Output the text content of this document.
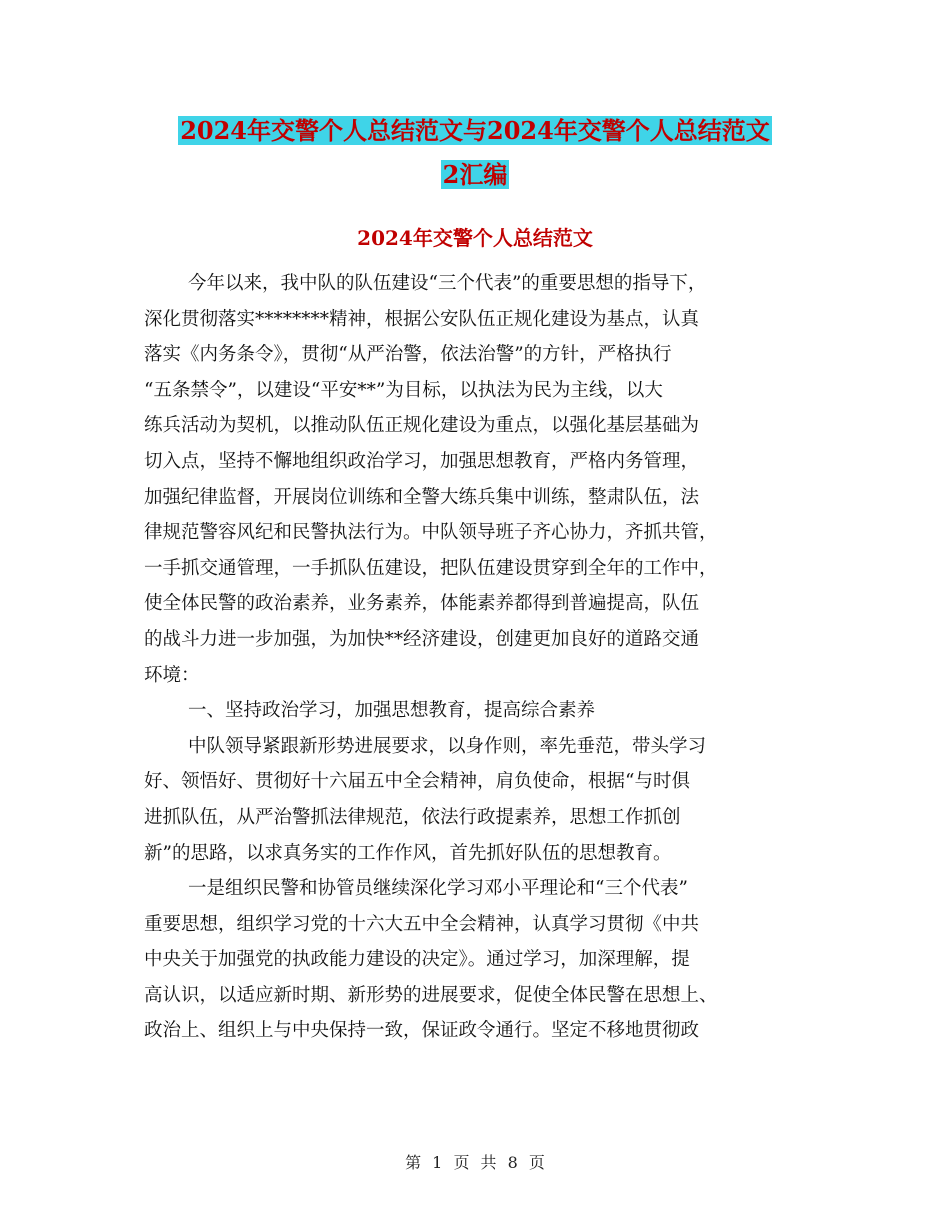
2024年交警个人总结范文与2024年交警个人总结范文
2汇编
2024年交警个人总结范文
今年以来，我中队的队伍建设“三个代表”的重要思想的指导下，
深化贯彻落实********精神，根据公安队伍正规化建设为基点，认真
落实《内务条令》，贯彻“从严治警，依法治警”的方针，严格执行
“五条禁令”，以建设“平安**”为目标，以执法为民为主线，以大
练兵活动为契机，以推动队伍正规化建设为重点，以强化基层基础为
切入点，坚持不懈地组织政治学习，加强思想教育，严格内务管理，
加强纪律监督，开展岗位训练和全警大练兵集中训练，整肃队伍，法
律规范警容风纪和民警执法行为。中队领导班子齐心协力，齐抓共管，
一手抓交通管理，一手抓队伍建设，把队伍建设贯穿到全年的工作中，
使全体民警的政治素养，业务素养，体能素养都得到普遍提高，队伍
的战斗力进一步加强，为加快**经济建设，创建更加良好的道路交通
环境：
一、坚持政治学习，加强思想教育，提高综合素养
中队领导紧跟新形势进展要求，以身作则，率先垂范，带头学习
好、领悟好、贯彻好十六届五中全会精神，肩负使命，根据“与时俱
进抓队伍，从严治警抓法律规范，依法行政提素养，思想工作抓创
新”的思路，以求真务实的工作作风，首先抓好队伍的思想教育。
一是组织民警和协管员继续深化学习邓小平理论和“三个代表”
重要思想，组织学习党的十六大五中全会精神，认真学习贯彻《中共
中央关于加强党的执政能力建设的决定》。通过学习，加深理解，提
高认识，以适应新时期、新形势的进展要求，促使全体民警在思想上、
政治上、组织上与中央保持一致，保证政令通行。坚定不移地贯彻政
第 1 页 共 8 页
